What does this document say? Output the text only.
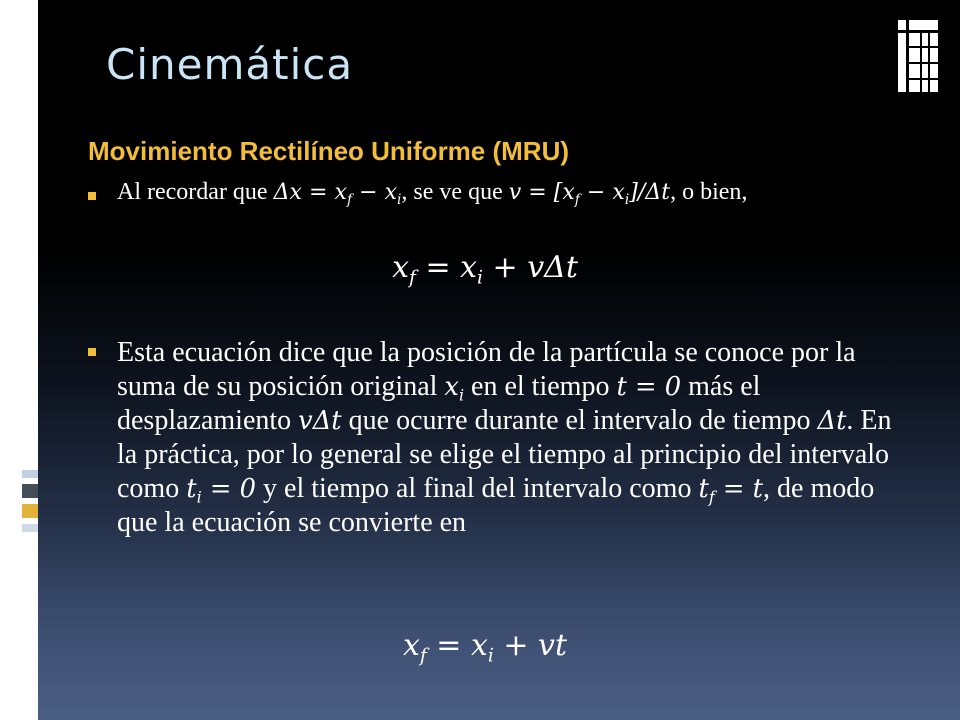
Cinemática
Movimiento Rectilíneo Uniforme (MRU)

Al recordar que $\Delta x = x_f - x_i$, se ve que $v = [x_f - x_i]/\Delta t$, o bien,

$x_f = x_i + v\Delta t$

Esta ecuación dice que la posición de la partícula se conoce por la suma de su posición original $x_i$ en el tiempo t = 0 más el desplazamiento vΔt que ocurre durante el intervalo de tiempo Δt. En la práctica, por lo general se elige el tiempo al principio del intervalo como $t_i = 0$ y el tiempo al final del intervalo como $t_f = t$, de modo que la ecuación se convierte en

$x_f = x_i$ + vt
